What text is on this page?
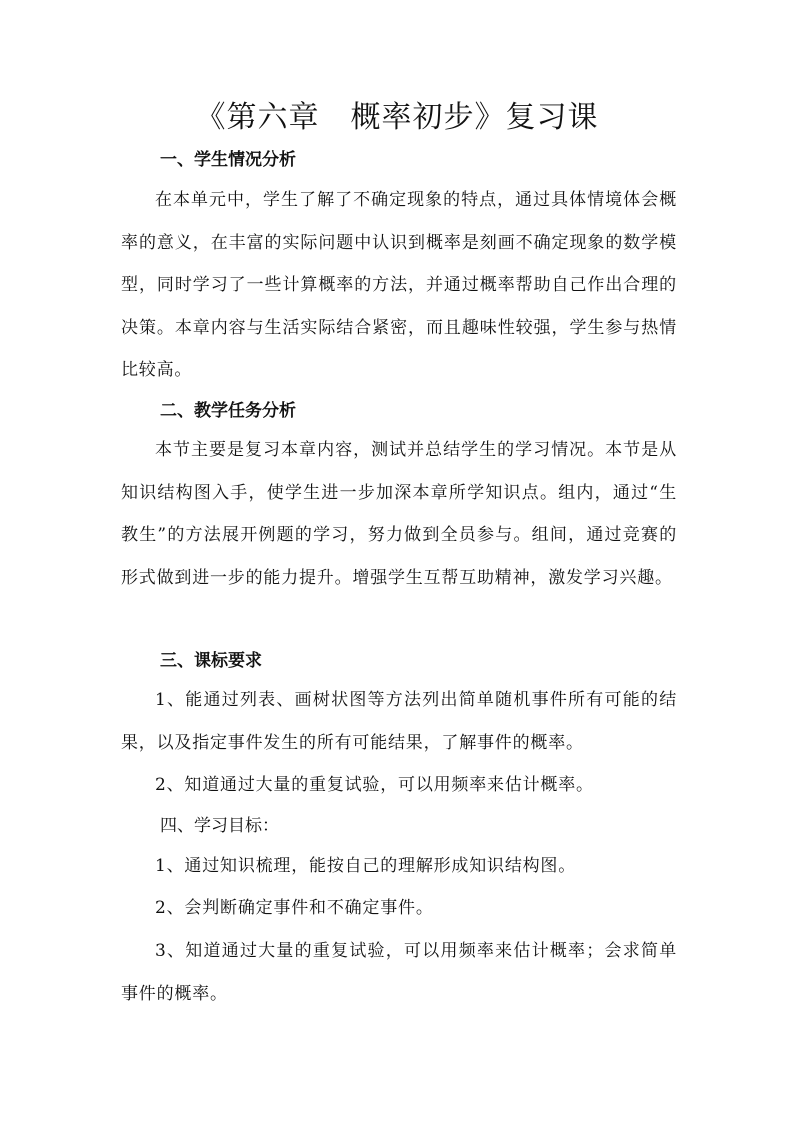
《第六章　概率初步》复习课
一、学生情况分析
在本单元中，学生了解了不确定现象的特点，通过具体情境体会概率的意义，在丰富的实际问题中认识到概率是刻画不确定现象的数学模型，同时学习了一些计算概率的方法，并通过概率帮助自己作出合理的决策。本章内容与生活实际结合紧密，而且趣味性较强，学生参与热情比较高。
二、教学任务分析
本节主要是复习本章内容，测试并总结学生的学习情况。本节是从知识结构图入手，使学生进一步加深本章所学知识点。组内，通过“生教生”的方法展开例题的学习，努力做到全员参与。组间，通过竞赛的形式做到进一步的能力提升。增强学生互帮互助精神，激发学习兴趣。
三、课标要求
1、能通过列表、画树状图等方法列出简单随机事件所有可能的结果，以及指定事件发生的所有可能结果，了解事件的概率。
2、知道通过大量的重复试验，可以用频率来估计概率。
四、学习目标：
1、通过知识梳理，能按自己的理解形成知识结构图。
2、会判断确定事件和不确定事件。
3、知道通过大量的重复试验，可以用频率来估计概率；会求简单事件的概率。
